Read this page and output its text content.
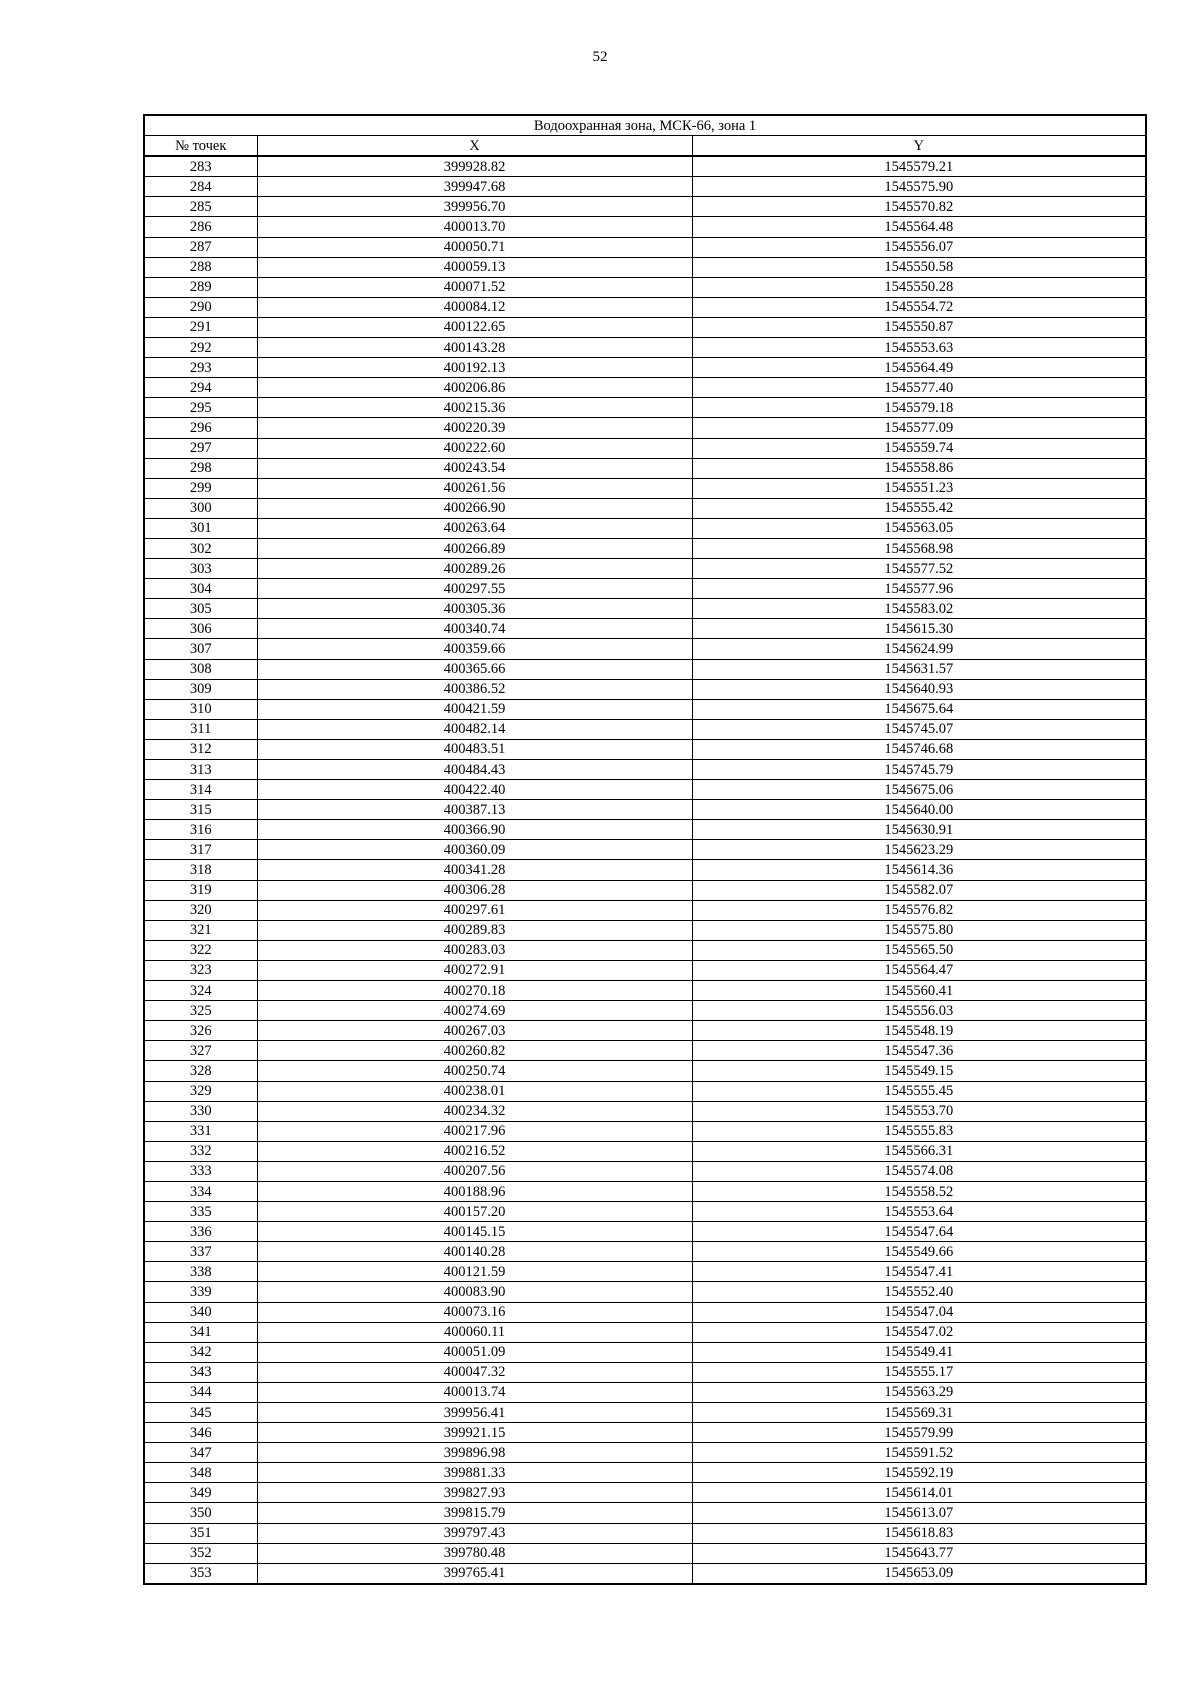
52
Водоохранная зона, МСК-66, зона 1		
№ точек	X	Y
283	399928.82	1545579.21
284	399947.68	1545575.90
285	399956.70	1545570.82
286	400013.70	1545564.48
287	400050.71	1545556.07
288	400059.13	1545550.58
289	400071.52	1545550.28
290	400084.12	1545554.72
291	400122.65	1545550.87
292	400143.28	1545553.63
293	400192.13	1545564.49
294	400206.86	1545577.40
295	400215.36	1545579.18
296	400220.39	1545577.09
297	400222.60	1545559.74
298	400243.54	1545558.86
299	400261.56	1545551.23
300	400266.90	1545555.42
301	400263.64	1545563.05
302	400266.89	1545568.98
303	400289.26	1545577.52
304	400297.55	1545577.96
305	400305.36	1545583.02
306	400340.74	1545615.30
307	400359.66	1545624.99
308	400365.66	1545631.57
309	400386.52	1545640.93
310	400421.59	1545675.64
311	400482.14	1545745.07
312	400483.51	1545746.68
313	400484.43	1545745.79
314	400422.40	1545675.06
315	400387.13	1545640.00
316	400366.90	1545630.91
317	400360.09	1545623.29
318	400341.28	1545614.36
319	400306.28	1545582.07
320	400297.61	1545576.82
321	400289.83	1545575.80
322	400283.03	1545565.50
323	400272.91	1545564.47
324	400270.18	1545560.41
325	400274.69	1545556.03
326	400267.03	1545548.19
327	400260.82	1545547.36
328	400250.74	1545549.15
329	400238.01	1545555.45
330	400234.32	1545553.70
331	400217.96	1545555.83
332	400216.52	1545566.31
333	400207.56	1545574.08
334	400188.96	1545558.52
335	400157.20	1545553.64
336	400145.15	1545547.64
337	400140.28	1545549.66
338	400121.59	1545547.41
339	400083.90	1545552.40
340	400073.16	1545547.04
341	400060.11	1545547.02
342	400051.09	1545549.41
343	400047.32	1545555.17
344	400013.74	1545563.29
345	399956.41	1545569.31
346	399921.15	1545579.99
347	399896.98	1545591.52
348	399881.33	1545592.19
349	399827.93	1545614.01
350	399815.79	1545613.07
351	399797.43	1545618.83
352	399780.48	1545643.77
353	399765.41	1545653.09
